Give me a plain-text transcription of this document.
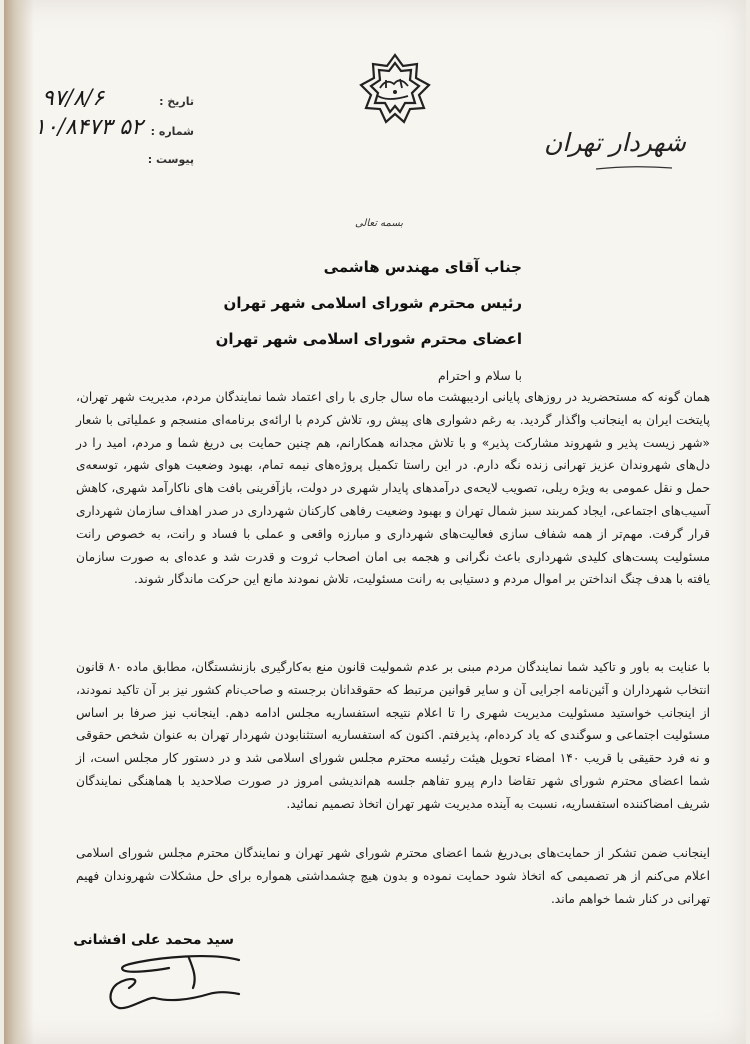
شهردار تهران
تاریخ :
شماره :
پیوست :
۹۷/۸/۶
۱۰/۸۴۷۳ ۵۲
بسمه تعالی
جناب آقای مهندس هاشمی
رئیس محترم شورای اسلامی شهر تهران
اعضای محترم شورای اسلامی شهر تهران
با سلام و احترام

همان گونه که مستحضرید در روزهای پایانی اردیبهشت ماه سال جاری با رای اعتماد شما نمایندگان مردم، مدیریت شهر تهران، پایتخت ایران به اینجانب واگذار گردید. به رغم دشواری های پیش رو، تلاش کردم با ارائه‌ی برنامه‌ای منسجم و عملیاتی با شعار «شهر زیست پذیر و شهروند مشارکت پذیر» و با تلاش مجدانه همکارانم، هم چنین حمایت بی دریغ شما و مردم، امید را در دل‌های شهروندان عزیز تهرانی زنده نگه دارم. در این راستا تکمیل پروژه‌های نیمه تمام، بهبود وضعیت هوای شهر، توسعه‌ی حمل و نقل عمومی به ویژه ریلی، تصویب لایحه‌ی درآمدهای پایدار شهری در دولت، بازآفرینی بافت های ناکارآمد شهری، کاهش آسیب‌های اجتماعی، ایجاد کمربند سبز شمال تهران و بهبود وضعیت رفاهی کارکنان شهرداری در صدر اهداف سازمان شهرداری قرار گرفت. مهم‌تر از همه شفاف سازی فعالیت‌های شهرداری و مبارزه واقعی و عملی با فساد و رانت، به خصوص رانت مسئولیت پست‌های کلیدی شهرداری باعث نگرانی و هجمه بی امان اصحاب ثروت و قدرت شد و عده‌ای به صورت سازمان یافته با هدف چنگ انداختن بر اموال مردم و دستیابی به رانت مسئولیت، تلاش نمودند مانع این حرکت ماندگار شوند.

با عنایت به باور و تاکید شما نمایندگان مردم مبنی بر عدم شمولیت قانون منع به‌کارگیری بازنشستگان، مطابق ماده ۸۰ قانون انتخاب شهرداران و آئین‌نامه اجرایی آن و سایر قوانین مرتبط که حقوقدانان برجسته و صاحب‌نام کشور نیز بر آن تاکید نمودند، از اینجانب خواستید مسئولیت مدیریت شهری را تا اعلام نتیجه استفساریه مجلس ادامه دهم. اینجانب نیز صرفا بر اساس مسئولیت اجتماعی و سوگندی که یاد کرده‌ام، پذیرفتم. اکنون که استفساریه استثنابودن شهردار تهران به عنوان شخص حقوقی و نه فرد حقیقی با قریب ۱۴۰ امضاء تحویل هیئت رئیسه محترم مجلس شورای اسلامی شد و در دستور کار مجلس است، از شما اعضای محترم شورای شهر تقاضا دارم پیرو تفاهم جلسه هم‌اندیشی امروز در صورت صلاحدید با هماهنگی نمایندگان شریف امضاکننده استفساریه، نسبت به آینده مدیریت شهر تهران اتخاذ تصمیم نمائید.

اینجانب ضمن تشکر از حمایت‌های بی‌دریغ شما اعضای محترم شورای شهر تهران و نمایندگان محترم مجلس شورای اسلامی اعلام می‌کنم از هر تصمیمی که اتخاذ شود حمایت نموده و بدون هیچ چشمداشتی همواره برای حل مشکلات شهروندان فهیم تهرانی در کنار شما خواهم ماند.

سید محمد علی افشانی
